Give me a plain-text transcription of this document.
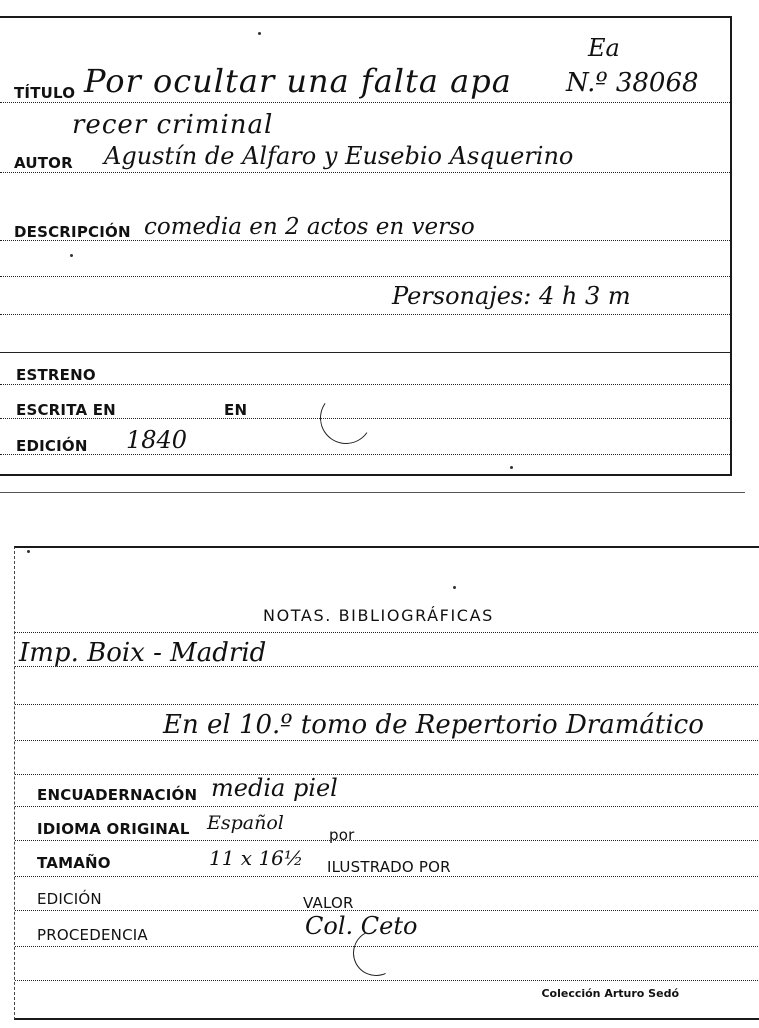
TÍTULO Por ocultar una falta apa N.º 38068
Ea
recer criminal
AUTOR Agustín de Alfaro y Eusebio Asquerino
DESCRIPCIÓN comedia en 2 actos en verso
Personajes: 4 h 3 m
ESTRENO
ESCRITA EN	EN
EDICIÓN 1840
NOTAS. BIBLIOGRÁFICAS
Imp. Boix - Madrid
En el 10.º tomo de Repertorio Dramático
ENCUADERNACIÓN media piel
IDIOMA ORIGINAL Español
por
TAMAÑO	11 x 16½ ILUSTRADO POR
EDICIÓN	VALOR
PROCEDENCIA	Col. Ceto
Colección Arturo Sedó
